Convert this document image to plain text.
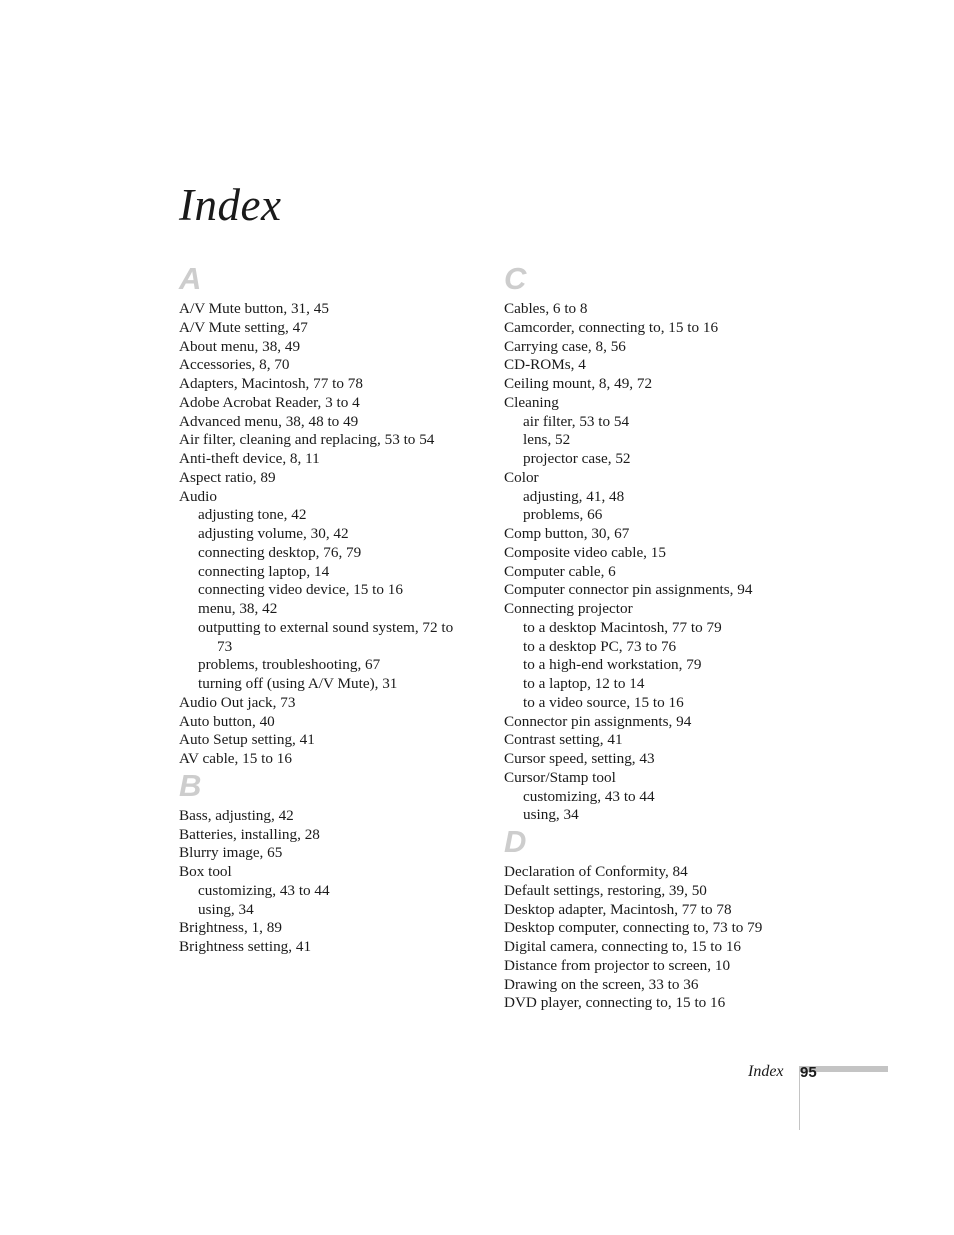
Index
A
A/V Mute button, 31, 45
A/V Mute setting, 47
About menu, 38, 49
Accessories, 8, 70
Adapters, Macintosh, 77 to 78
Adobe Acrobat Reader, 3 to 4
Advanced menu, 38, 48 to 49
Air filter, cleaning and replacing, 53 to 54
Anti-theft device, 8, 11
Aspect ratio, 89
Audio
adjusting tone, 42
adjusting volume, 30, 42
connecting desktop, 76, 79
connecting laptop, 14
connecting video device, 15 to 16
menu, 38, 42
outputting to external sound system, 72 to 73
problems, troubleshooting, 67
turning off (using A/V Mute), 31
Audio Out jack, 73
Auto button, 40
Auto Setup setting, 41
AV cable, 15 to 16
B
Bass, adjusting, 42
Batteries, installing, 28
Blurry image, 65
Box tool
customizing, 43 to 44
using, 34
Brightness, 1, 89
Brightness setting, 41
C
Cables, 6 to 8
Camcorder, connecting to, 15 to 16
Carrying case, 8, 56
CD-ROMs, 4
Ceiling mount, 8, 49, 72
Cleaning
air filter, 53 to 54
lens, 52
projector case, 52
Color
adjusting, 41, 48
problems, 66
Comp button, 30, 67
Composite video cable, 15
Computer cable, 6
Computer connector pin assignments, 94
Connecting projector
to a desktop Macintosh, 77 to 79
to a desktop PC, 73 to 76
to a high-end workstation, 79
to a laptop, 12 to 14
to a video source, 15 to 16
Connector pin assignments, 94
Contrast setting, 41
Cursor speed, setting, 43
Cursor/Stamp tool
customizing, 43 to 44
using, 34
D
Declaration of Conformity, 84
Default settings, restoring, 39, 50
Desktop adapter, Macintosh, 77 to 78
Desktop computer, connecting to, 73 to 79
Digital camera, connecting to, 15 to 16
Distance from projector to screen, 10
Drawing on the screen, 33 to 36
DVD player, connecting to, 15 to 16
Index 95
